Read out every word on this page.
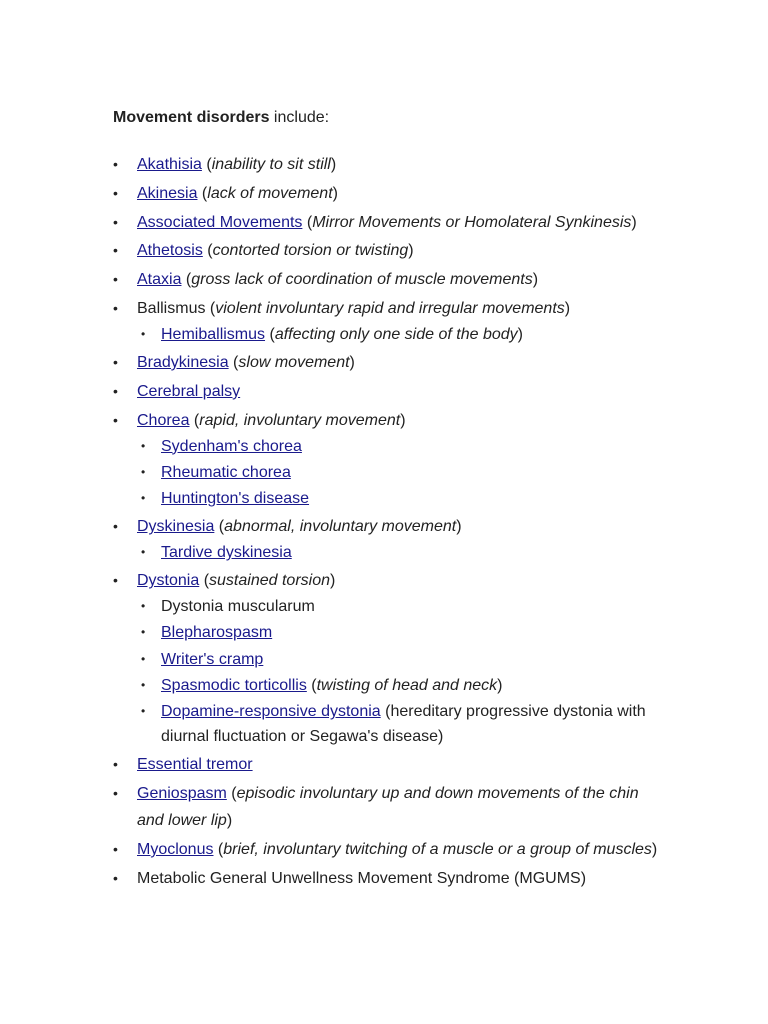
Movement disorders include:

• Akathisia (inability to sit still)
• Akinesia (lack of movement)
• Associated Movements (Mirror Movements or Homolateral Synkinesis)
• Athetosis (contorted torsion or twisting)
• Ataxia (gross lack of coordination of muscle movements)
• Ballismus (violent involuntary rapid and irregular movements)
• Hemiballismus (affecting only one side of the body)
• Bradykinesia (slow movement)
• Cerebral palsy
• Chorea (rapid, involuntary movement)
• Sydenham's chorea
• Rheumatic chorea
• Huntington's disease
• Dyskinesia (abnormal, involuntary movement)
• Tardive dyskinesia
• Dystonia (sustained torsion)
• Dystonia muscularum
• Blepharospasm
• Writer's cramp
• Spasmodic torticollis (twisting of head and neck)
• Dopamine-responsive dystonia (hereditary progressive dystonia with diurnal fluctuation or Segawa's disease)
• Essential tremor
• Geniospasm (episodic involuntary up and down movements of the chin and lower lip)
• Myoclonus (brief, involuntary twitching of a muscle or a group of muscles)
• Metabolic General Unwellness Movement Syndrome (MGUMS)
